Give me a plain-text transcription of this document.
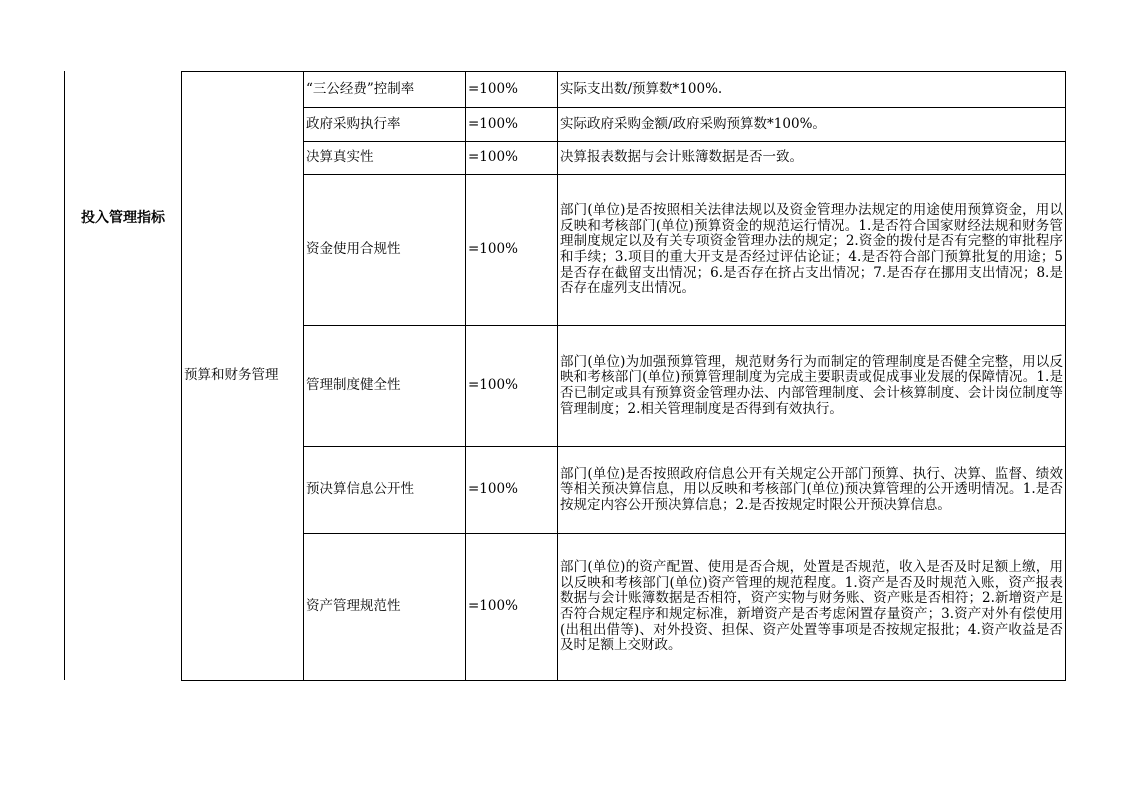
投入管理指标
预算和财务管理	“三公经费”控制率	=100%	实际支出数/预算数*100%.
	政府采购执行率	=100%	实际政府采购金额/政府采购预算数*100%。
	决算真实性	=100%	决算报表数据与会计账簿数据是否一致。
	资金使用合规性	=100%	部门(单位)是否按照相关法律法规以及资金管理办法规定的用途使用预算资金，用以反映和考核部门(单位)预算资金的规范运行情况。1.是否符合国家财经法规和财务管理制度规定以及有关专项资金管理办法的规定；2.资金的拨付是否有完整的审批程序和手续；3.项目的重大开支是否经过评估论证；4.是否符合部门预算批复的用途；5是否存在截留支出情况；6.是否存在挤占支出情况；7.是否存在挪用支出情况；8.是否存在虚列支出情况。
	管理制度健全性	=100%	部门(单位)为加强预算管理，规范财务行为而制定的管理制度是否健全完整，用以反映和考核部门(单位)预算管理制度为完成主要职责或促成事业发展的保障情况。1.是否已制定或具有预算资金管理办法、内部管理制度、会计核算制度、会计岗位制度等管理制度；2.相关管理制度是否得到有效执行。
	预决算信息公开性	=100%	部门(单位)是否按照政府信息公开有关规定公开部门预算、执行、决算、监督、绩效等相关预决算信息，用以反映和考核部门(单位)预决算管理的公开透明情况。1.是否按规定内容公开预决算信息；2.是否按规定时限公开预决算信息。
	资产管理规范性	=100%	部门(单位)的资产配置、使用是否合规，处置是否规范，收入是否及时足额上缴，用以反映和考核部门(单位)资产管理的规范程度。1.资产是否及时规范入账，资产报表数据与会计账簿数据是否相符，资产实物与财务账、资产账是否相符；2.新增资产是否符合规定程序和规定标准，新增资产是否考虑闲置存量资产；3.资产对外有偿使用(出租出借等)、对外投资、担保、资产处置等事项是否按规定报批；4.资产收益是否及时足额上交财政。
